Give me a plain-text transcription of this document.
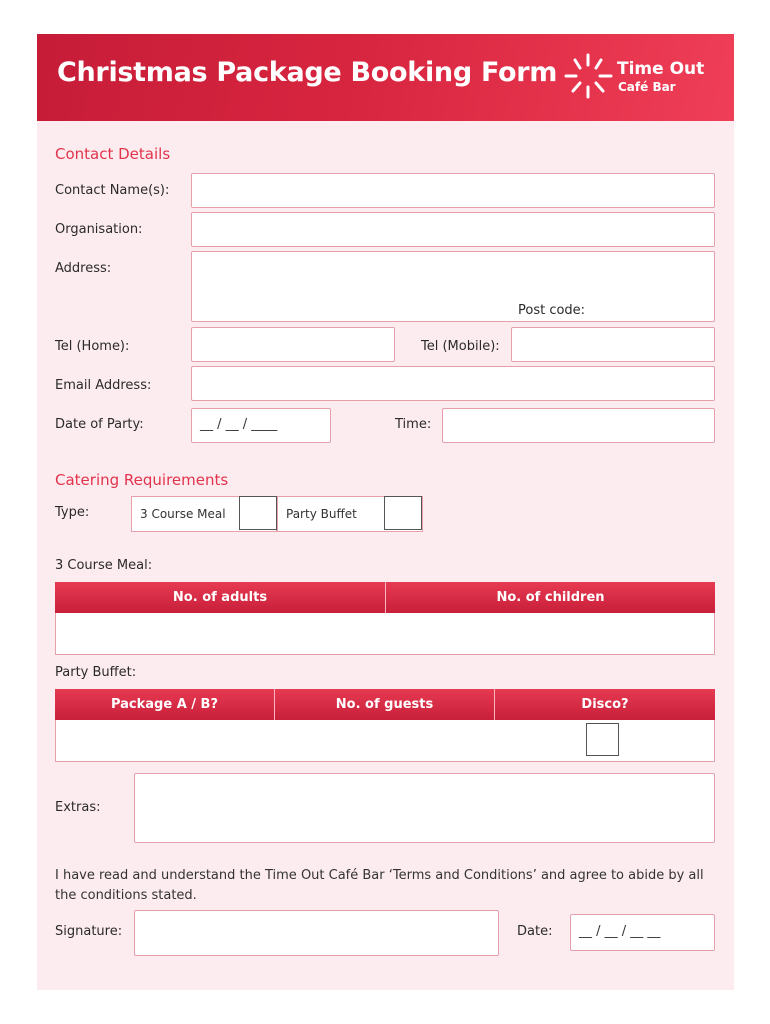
Christmas Package Booking Form	Time Out
Café Bar
Contact Details
Contact Name(s):
Organisation:
Address:
Post code:
Tel (Home):	Tel (Mobile):
Email Address:
Date of Party:	__ / __ / ____	Time:
Catering Requirements
Type:	3 Course Meal	Party Buffet
3 Course Meal:
No. of adults	No. of children
Party Buffet:
Package A / B?	No. of guests	Disco?
Extras:
I have read and understand the Time Out Café Bar ‘Terms and Conditions’ and agree to abide by all the conditions stated.
Signature:	Date: __ / __ / __ __
